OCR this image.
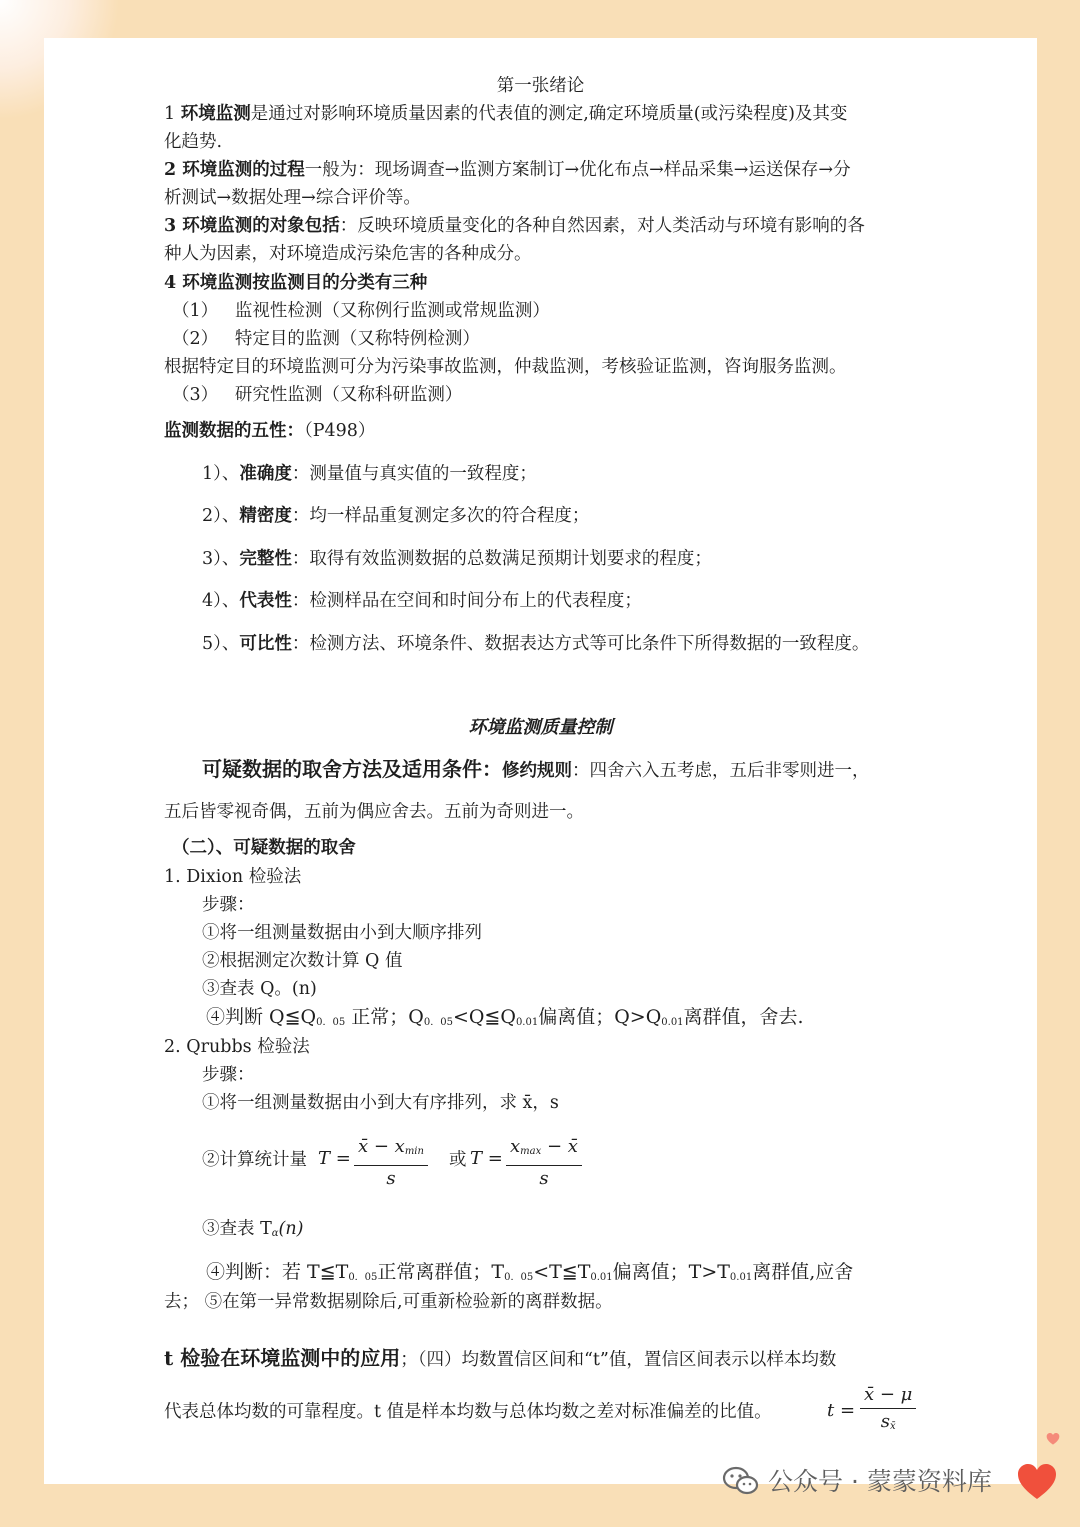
第一张绪论
1 环境监测是通过对影响环境质量因素的代表值的测定,确定环境质量(或污染程度)及其变
化趋势.
2 环境监测的过程一般为：现场调查→监测方案制订→优化布点→样品采集→运送保存→分
析测试→数据处理→综合评价等。
3 环境监测的对象包括：反映环境质量变化的各种自然因素，对人类活动与环境有影响的各
种人为因素，对环境造成污染危害的各种成分。
4 环境监测按监测目的分类有三种
（1） 监视性检测（又称例行监测或常规监测）
（2） 特定目的监测（又称特例检测）
根据特定目的环境监测可分为污染事故监测，仲裁监测，考核验证监测，咨询服务监测。
（3） 研究性监测（又称科研监测）
监测数据的五性：（P498）
1）、准确度：测量值与真实值的一致程度；
2）、精密度：均一样品重复测定多次的符合程度；
3）、完整性：取得有效监测数据的总数满足预期计划要求的程度；
4）、代表性：检测样品在空间和时间分布上的代表程度；
5）、可比性：检测方法、环境条件、数据表达方式等可比条件下所得数据的一致程度。
环境监测质量控制
可疑数据的取舍方法及适用条件：修约规则：四舍六入五考虑，五后非零则进一，
五后皆零视奇偶，五前为偶应舍去。五前为奇则进一。
（二）、可疑数据的取舍
1. Dixion 检验法
步骤：
①将一组测量数据由小到大顺序排列
②根据测定次数计算 Q 值
③查表 Q。(n)
④判断 $Q≦Q_{0.05}$ 正常；$Q_{0.05}<Q≦Q_{0.01}$偏离值；$Q>Q_{0.01}$离群值，舍去.
2. Qrubbs 检验法
步骤：
①将一组测量数据由小到大有序排列，求 x̄，s
②计算统计量 T =
x̄ − $x_{min}$
s
或 T =
$x_{max}$ − x̄
s
③查表 $T_\alpha(n)$
④判断：若 $T≦T_{0.05}$正常离群值；$T_{0.05}<T≦T_{0.01}$偏离值；$T>T_{0.01}$离群值,应舍
去； ⑤在第一异常数据剔除后,可重新检验新的离群数据。
t 检验在环境监测中的应用；（四）均数置信区间和“t”值，置信区间表示以样本均数
代表总体均数的可靠程度。t 值是样本均数与总体均数之差对标准偏差的比值。	$t = \frac{x̄ - \mu}{s_{x̄}}$
公众号 · 蒙蒙资料库
